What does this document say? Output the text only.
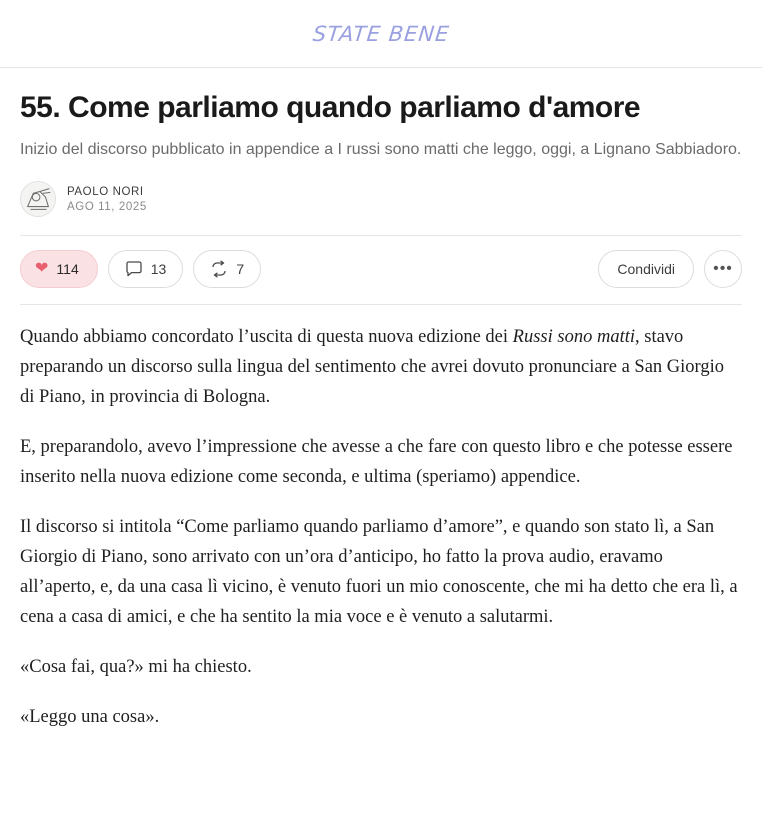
STATE BENE
55. Come parliamo quando parliamo d'amore

Inizio del discorso pubblicato in appendice a I russi sono matti che leggo, oggi, a Lignano Sabbiadoro.

PAOLO NORI
AGO 11, 2025
❤ 114	13	7	Condividi	•••

Quando abbiamo concordato l’uscita di questa nuova edizione dei Russi sono matti, stavo preparando un discorso sulla lingua del sentimento che avrei dovuto pronunciare a San Giorgio di Piano, in provincia di Bologna.

E, preparandolo, avevo l’impressione che avesse a che fare con questo libro e che potesse essere inserito nella nuova edizione come seconda, e ultima (speriamo) appendice.

Il discorso si intitola “Come parliamo quando parliamo d’amore”, e quando son stato lì, a San Giorgio di Piano, sono arrivato con un’ora d’anticipo, ho fatto la prova audio, eravamo all’aperto, e, da una casa lì vicino, è venuto fuori un mio conoscente, che mi ha detto che era lì, a cena a casa di amici, e che ha sentito la mia voce e è venuto a salutarmi.

«Cosa fai, qua?» mi ha chiesto.

«Leggo una cosa».
